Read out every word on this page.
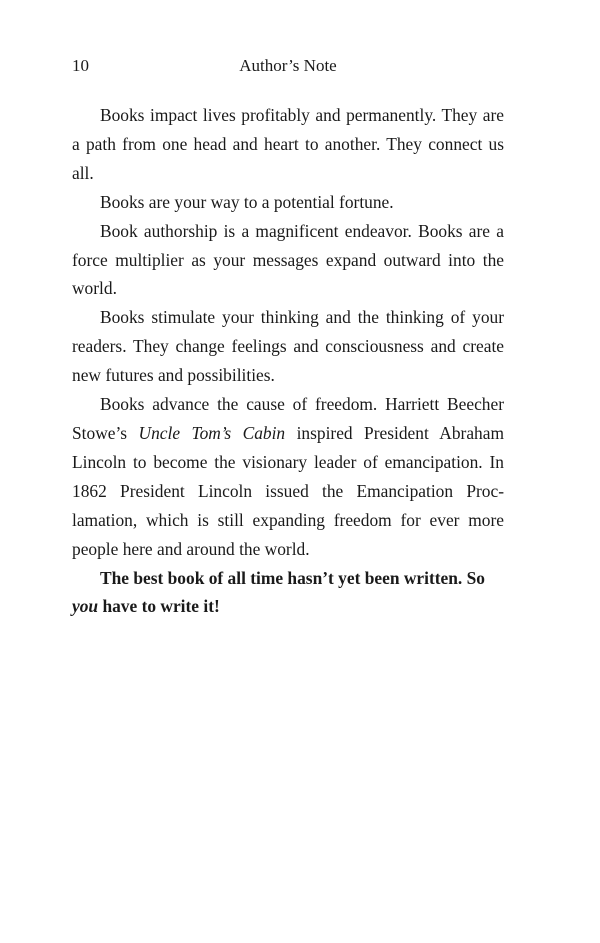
10	Author’s Note

Books impact lives profitably and permanently. They are a path from one head and heart to another. They connect us all.

Books are your way to a potential fortune.

Book authorship is a magnificent endeavor. Books are a force multiplier as your messages expand outward into the world.

Books stimulate your thinking and the thinking of your readers. They change feelings and consciousness and create new futures and possibilities.

Books advance the cause of freedom. Harriett Beecher Stowe’s Uncle Tom’s Cabin inspired President Abraham Lincoln to become the visionary leader of emancipation. In 1862 President Lincoln issued the Emancipation Proclamation, which is still expanding freedom for ever more people here and around the world.

The best book of all time hasn’t yet been written. So you have to write it!
